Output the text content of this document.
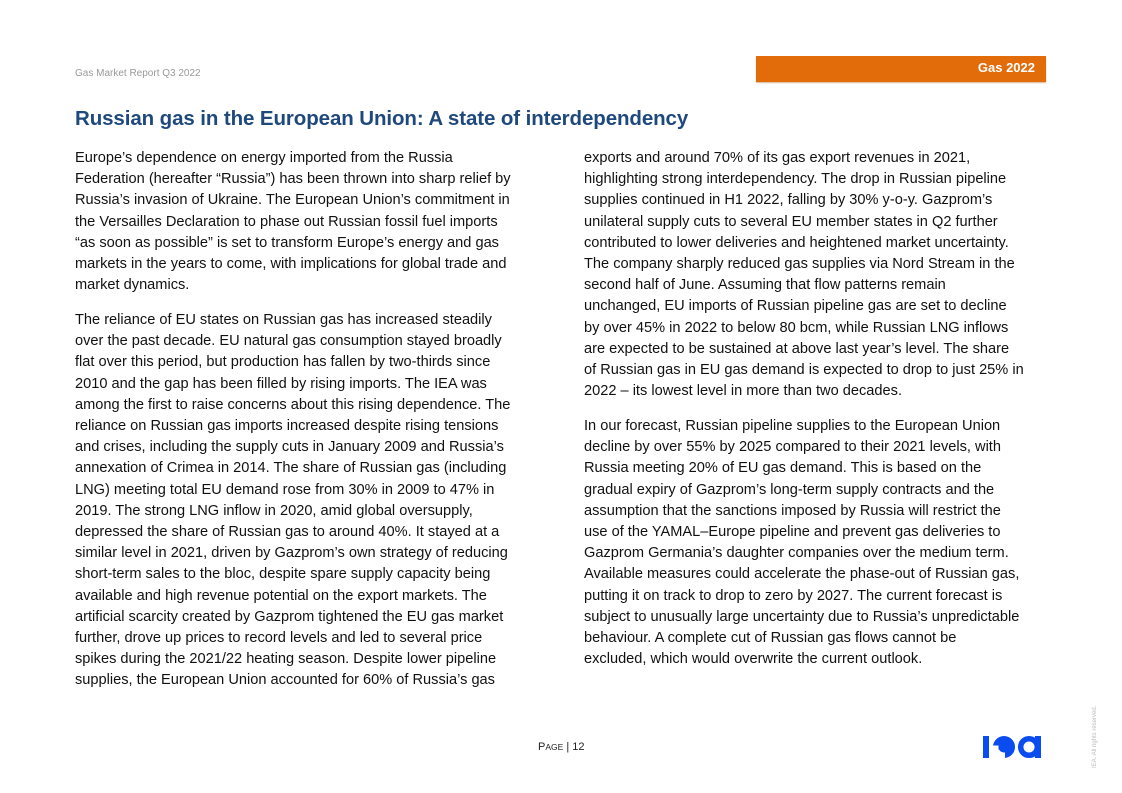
Gas Market Report Q3 2022	Gas 2022
Russian gas in the European Union: A state of interdependency

Europe’s dependence on energy imported from the Russia
Federation (hereafter “Russia”) has been thrown into sharp relief by
Russia’s invasion of Ukraine. The European Union’s commitment in
the Versailles Declaration to phase out Russian fossil fuel imports
“as soon as possible” is set to transform Europe’s energy and gas
markets in the years to come, with implications for global trade and
market dynamics.

The reliance of EU states on Russian gas has increased steadily
over the past decade. EU natural gas consumption stayed broadly
flat over this period, but production has fallen by two-thirds since
2010 and the gap has been filled by rising imports. The IEA was
among the first to raise concerns about this rising dependence. The
reliance on Russian gas imports increased despite rising tensions
and crises, including the supply cuts in January 2009 and Russia’s
annexation of Crimea in 2014. The share of Russian gas (including
LNG) meeting total EU demand rose from 30% in 2009 to 47% in
2019. The strong LNG inflow in 2020, amid global oversupply,
depressed the share of Russian gas to around 40%. It stayed at a
similar level in 2021, driven by Gazprom’s own strategy of reducing
short-term sales to the bloc, despite spare supply capacity being
available and high revenue potential on the export markets. The
artificial scarcity created by Gazprom tightened the EU gas market
further, drove up prices to record levels and led to several price
spikes during the 2021/22 heating season. Despite lower pipeline
supplies, the European Union accounted for 60% of Russia’s gas

exports and around 70% of its gas export revenues in 2021,
highlighting strong interdependency. The drop in Russian pipeline
supplies continued in H1 2022, falling by 30% y-o-y. Gazprom’s
unilateral supply cuts to several EU member states in Q2 further
contributed to lower deliveries and heightened market uncertainty.
The company sharply reduced gas supplies via Nord Stream in the
second half of June. Assuming that flow patterns remain
unchanged, EU imports of Russian pipeline gas are set to decline
by over 45% in 2022 to below 80 bcm, while Russian LNG inflows
are expected to be sustained at above last year’s level. The share
of Russian gas in EU gas demand is expected to drop to just 25% in
2022 – its lowest level in more than two decades.

In our forecast, Russian pipeline supplies to the European Union
decline by over 55% by 2025 compared to their 2021 levels, with
Russia meeting 20% of EU gas demand. This is based on the
gradual expiry of Gazprom’s long-term supply contracts and the
assumption that the sanctions imposed by Russia will restrict the
use of the YAMAL–Europe pipeline and prevent gas deliveries to
Gazprom Germania’s daughter companies over the medium term.
Available measures could accelerate the phase-out of Russian gas,
putting it on track to drop to zero by 2027. The current forecast is
subject to unusually large uncertainty due to Russia’s unpredictable
behaviour. A complete cut of Russian gas flows cannot be
excluded, which would overwrite the current outlook.

PAGE | 12	IEA. All rights reserved.
